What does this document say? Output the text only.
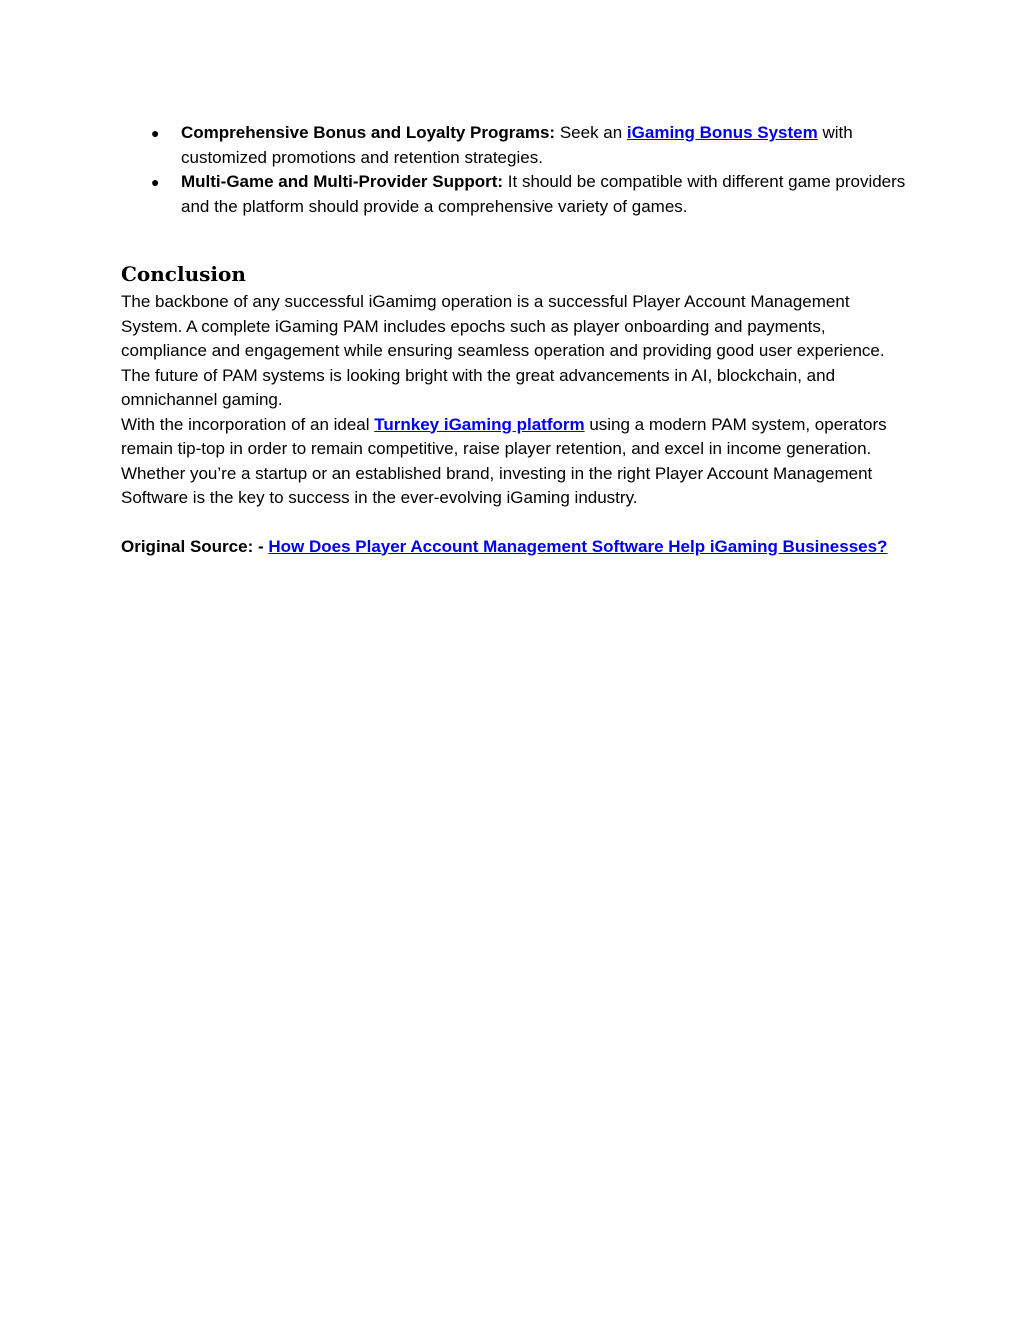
● Comprehensive Bonus and Loyalty Programs: Seek an iGaming Bonus System with customized promotions and retention strategies.
● Multi-Game and Multi-Provider Support: It should be compatible with different game providers and the platform should provide a comprehensive variety of games.
Conclusion

The backbone of any successful iGamimg operation is a successful Player Account Management System. A complete iGaming PAM includes epochs such as player onboarding and payments, compliance and engagement while ensuring seamless operation and providing good user experience. The future of PAM systems is looking bright with the great advancements in AI, blockchain, and omnichannel gaming.

With the incorporation of an ideal Turnkey iGaming platform using a modern PAM system, operators remain tip-top in order to remain competitive, raise player retention, and excel in income generation. Whether you’re a startup or an established brand, investing in the right Player Account Management Software is the key to success in the ever-evolving iGaming industry.

Original Source: - How Does Player Account Management Software Help iGaming Businesses?
